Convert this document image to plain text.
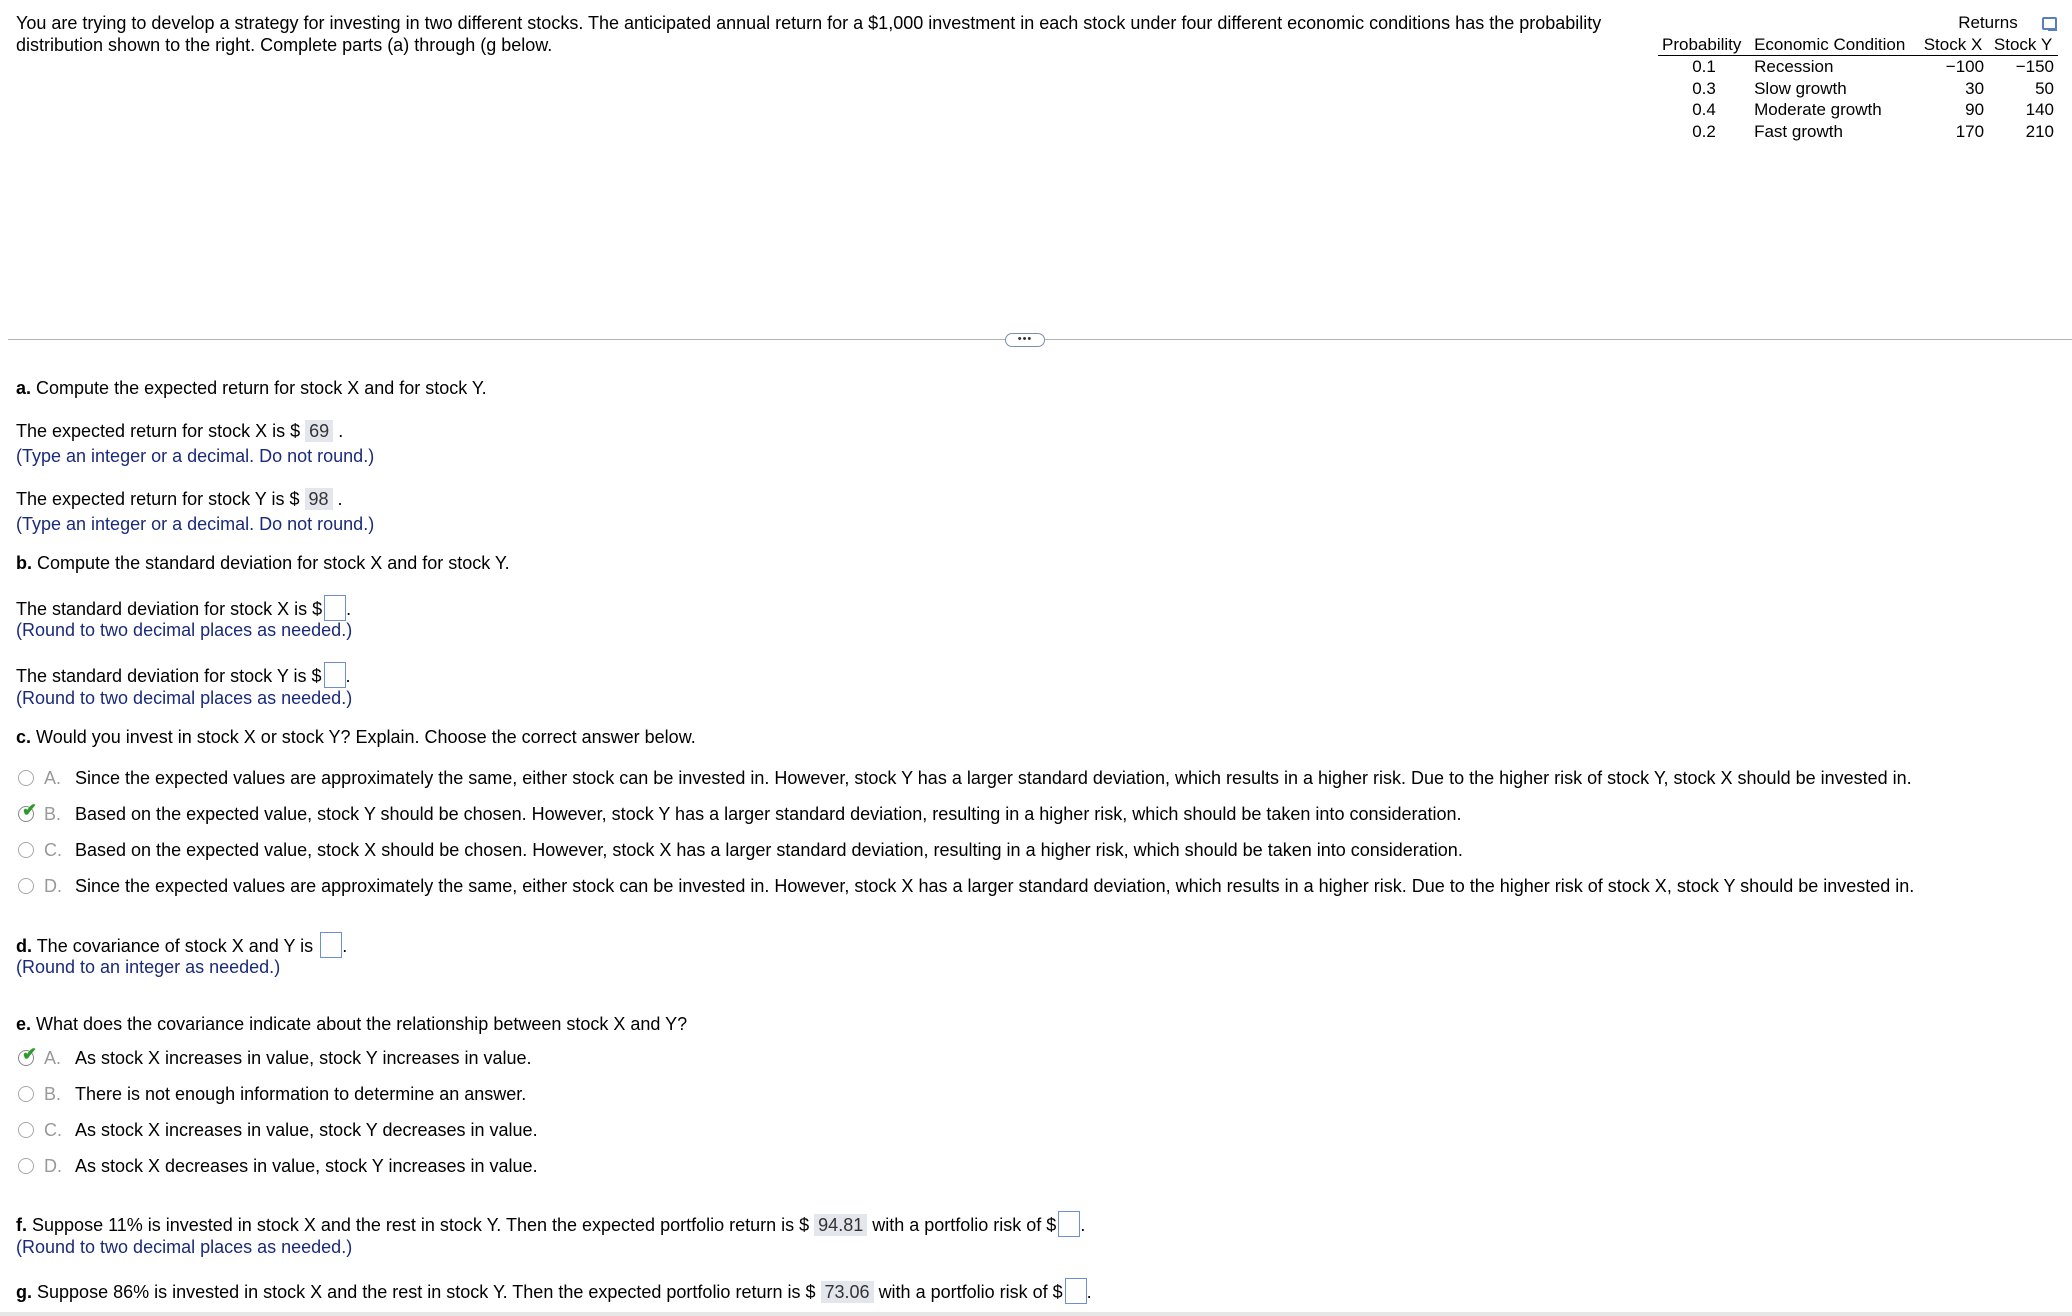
You are trying to develop a strategy for investing in two different stocks. The anticipated annual return for a $1,000 investment in each stock under four different economic conditions has the probability distribution shown to the right. Complete parts (a) through (g below.
		Returns	
Probability	Economic Condition	Stock X	Stock Y
0.1	Recession	−100	−150
0.3	Slow growth	30	50
0.4	Moderate growth	90	140
0.2	Fast growth	170	210
•••
a. Compute the expected return for stock X and for stock Y.
The expected return for stock X is $ 69 .
(Type an integer or a decimal. Do not round.)
The expected return for stock Y is $ 98 .
(Type an integer or a decimal. Do not round.)
b. Compute the standard deviation for stock X and for stock Y.
The standard deviation for stock X is $ .
(Round to two decimal places as needed.)
The standard deviation for stock Y is $ .
(Round to two decimal places as needed.)
c. Would you invest in stock X or stock Y? Explain. Choose the correct answer below.
A. Since the expected values are approximately the same, either stock can be invested in. However, stock Y has a larger standard deviation, which results in a higher risk. Due to the higher risk of stock Y, stock X should be invested in.
✔ B. Based on the expected value, stock Y should be chosen. However, stock Y has a larger standard deviation, resulting in a higher risk, which should be taken into consideration.
C. Based on the expected value, stock X should be chosen. However, stock X has a larger standard deviation, resulting in a higher risk, which should be taken into consideration.
D. Since the expected values are approximately the same, either stock can be invested in. However, stock X has a larger standard deviation, which results in a higher risk. Due to the higher risk of stock X, stock Y should be invested in.
d. The covariance of stock X and Y is .
(Round to an integer as needed.)
e. What does the covariance indicate about the relationship between stock X and Y?
✔ A. As stock X increases in value, stock Y increases in value.
B. There is not enough information to determine an answer.
C. As stock X increases in value, stock Y decreases in value.
D. As stock X decreases in value, stock Y increases in value.
f. Suppose 11% is invested in stock X and the rest in stock Y. Then the expected portfolio return is $ 94.81 with a portfolio risk of $ .
(Round to two decimal places as needed.)
g. Suppose 86% is invested in stock X and the rest in stock Y. Then the expected portfolio return is $ 73.06 with a portfolio risk of $ .
